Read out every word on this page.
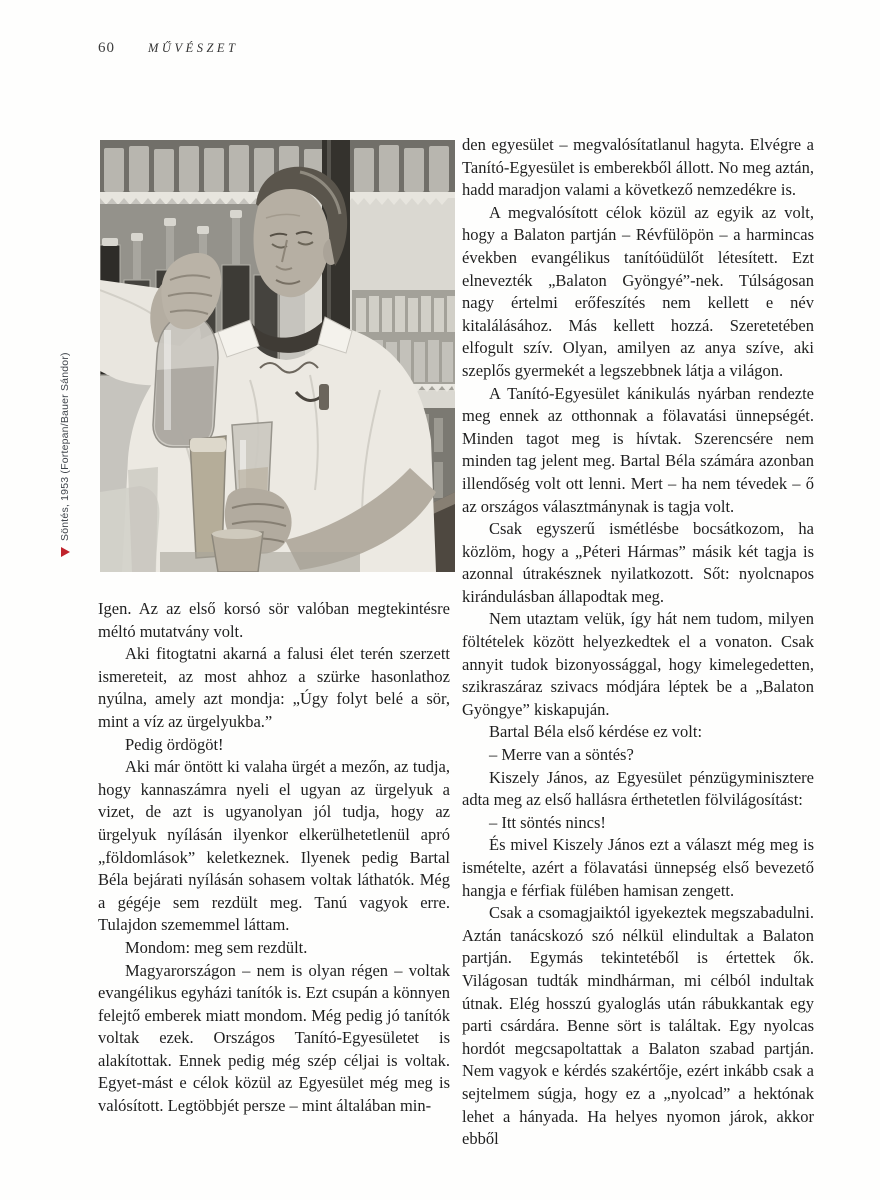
60	MŰVÉSZET
Söntés, 1953 (Fortepan/Bauer Sándor)

Igen. Az az első korsó sör valóban megtekintésre méltó mutatvány volt.

Aki fitogtatni akarná a falusi élet terén szerzett ismereteit, az most ahhoz a szürke hasonlathoz nyúlna, amely azt mondja: „Úgy folyt belé a sör, mint a víz az ürgelyukba.”

Pedig ördögöt!

Aki már öntött ki valaha ürgét a mezőn, az tudja, hogy kannaszámra nyeli el ugyan az ürgelyuk a vizet, de azt is ugyanolyan jól tudja, hogy az ürgelyuk nyílásán ilyenkor elkerülhetetlenül apró „földomlások” keletkeznek. Ilyenek pedig Bartal Béla bejárati nyílásán sohasem voltak láthatók. Még a gégéje sem rezdült meg. Tanú vagyok erre. Tulajdon szememmel láttam.

Mondom: meg sem rezdült.

Magyarországon – nem is olyan régen – voltak evangélikus egyházi tanítók is. Ezt csupán a könnyen felejtő emberek miatt mondom. Még pedig jó tanítók voltak ezek. Országos Tanító-Egyesületet is alakítottak. Ennek pedig még szép céljai is voltak. Egyet-mást e célok közül az Egyesület még meg is valósított. Legtöbbjét persze – mint általában min-

den egyesület – megvalósítatlanul hagyta. Elvégre a Tanító-Egyesület is emberekből állott. No meg aztán, hadd maradjon valami a következő nemzedékre is.

A megvalósított célok közül az egyik az volt, hogy a Balaton partján – Révfülöpön – a harmincas években evangélikus tanítóüdülőt létesített. Ezt elnevezték „Balaton Gyöngyé”-nek. Túlságosan nagy értelmi erőfeszítés nem kellett e név kitalálásához. Más kellett hozzá. Szeretetében elfogult szív. Olyan, amilyen az anya szíve, aki szeplős gyermekét a legszebbnek látja a világon.

A Tanító-Egyesület kánikulás nyárban rendezte meg ennek az otthonnak a fölavatási ünnepségét. Minden tagot meg is hívtak. Szerencsére nem minden tag jelent meg. Bartal Béla számára azonban illendőség volt ott lenni. Mert – ha nem tévedek – ő az országos választmánynak is tagja volt.

Csak egyszerű ismétlésbe bocsátkozom, ha közlöm, hogy a „Péteri Hármas” másik két tagja is azonnal útrakésznek nyilatkozott. Sőt: nyolcnapos kirándulásban állapodtak meg.

Nem utaztam velük, így hát nem tudom, milyen föltételek között helyezkedtek el a vonaton. Csak annyit tudok bizonyossággal, hogy kimelegedetten, szikraszáraz szivacs módjára léptek be a „Balaton Gyöngye” kiskapuján.

Bartal Béla első kérdése ez volt:

– Merre van a söntés?

Kiszely János, az Egyesület pénzügyminisztere adta meg az első hallásra érthetetlen fölvilágosítást:

– Itt söntés nincs!

És mivel Kiszely János ezt a választ még meg is ismételte, azért a fölavatási ünnepség első bevezető hangja e férfiak fülében hamisan zengett.

Csak a csomagjaiktól igyekeztek megszabadulni. Aztán tanácskozó szó nélkül elindultak a Balaton partján. Egymás tekintetéből is értettek ők. Világosan tudták mindhárman, mi célból indultak útnak. Elég hosszú gyaloglás után rábukkantak egy parti csárdára. Benne sört is találtak. Egy nyolcas hordót megcsapoltattak a Balaton szabad partján. Nem vagyok e kérdés szakértője, ezért inkább csak a sejtelmem súgja, hogy ez a „nyolcad” a hektónak lehet a hányada. Ha helyes nyomon járok, akkor ebből
